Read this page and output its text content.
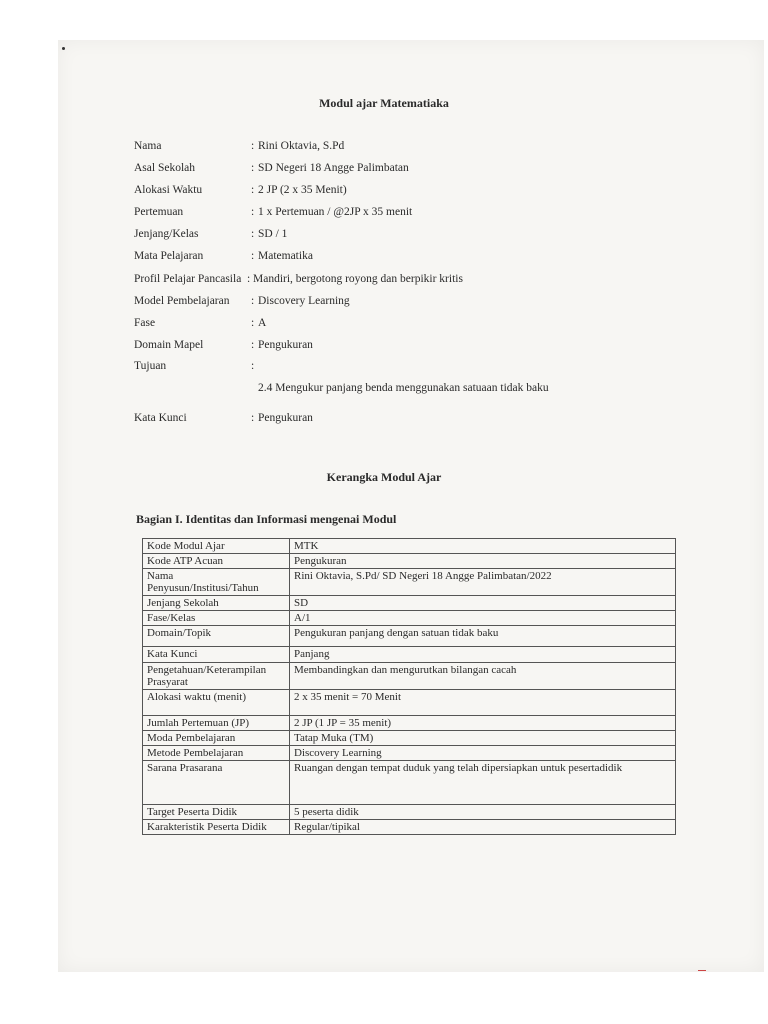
Modul ajar Matematiaka
Nama	: Rini Oktavia, S.Pd
Asal Sekolah	: SD Negeri 18 Angge Palimbatan
Alokasi Waktu	: 2 JP (2 x 35 Menit)
Pertemuan	: 1 x Pertemuan / @2JP x 35 menit
Jenjang/Kelas	: SD / 1
Mata Pelajaran	: Matematika
Profil Pelajar Pancasila : Mandiri, bergotong royong dan berpikir kritis
Model Pembelajaran : Discovery Learning
Fase	: A
Domain Mapel	: Pengukuran
Tujuan	:
2.4 Mengukur panjang benda menggunakan satuaan tidak baku
Kata Kunci	: Pengukuran
Kerangka Modul Ajar
Bagian I. Identitas dan Informasi mengenai Modul
Kode Modul Ajar	MTK
Kode ATP Acuan	Pengukuran
Nama Penyusun/Institusi/Tahun	Rini Oktavia, S.Pd/ SD Negeri 18 Angge Palimbatan/2022
Jenjang Sekolah	SD
Fase/Kelas	A/1
Domain/Topik	Pengukuran panjang dengan satuan tidak baku
Kata Kunci	Panjang
Pengetahuan/Keterampilan Prasyarat	Membandingkan dan mengurutkan bilangan cacah
Alokasi waktu (menit)	2 x 35 menit = 70 Menit
Jumlah Pertemuan (JP)	2 JP (1 JP = 35 menit)
Moda Pembelajaran	Tatap Muka (TM)
Metode Pembelajaran	Discovery Learning
Sarana Prasarana	Ruangan dengan tempat duduk yang telah dipersiapkan untuk pesertadidik
Target Peserta Didik	5 peserta didik
Karakteristik Peserta Didik	Regular/tipikal
